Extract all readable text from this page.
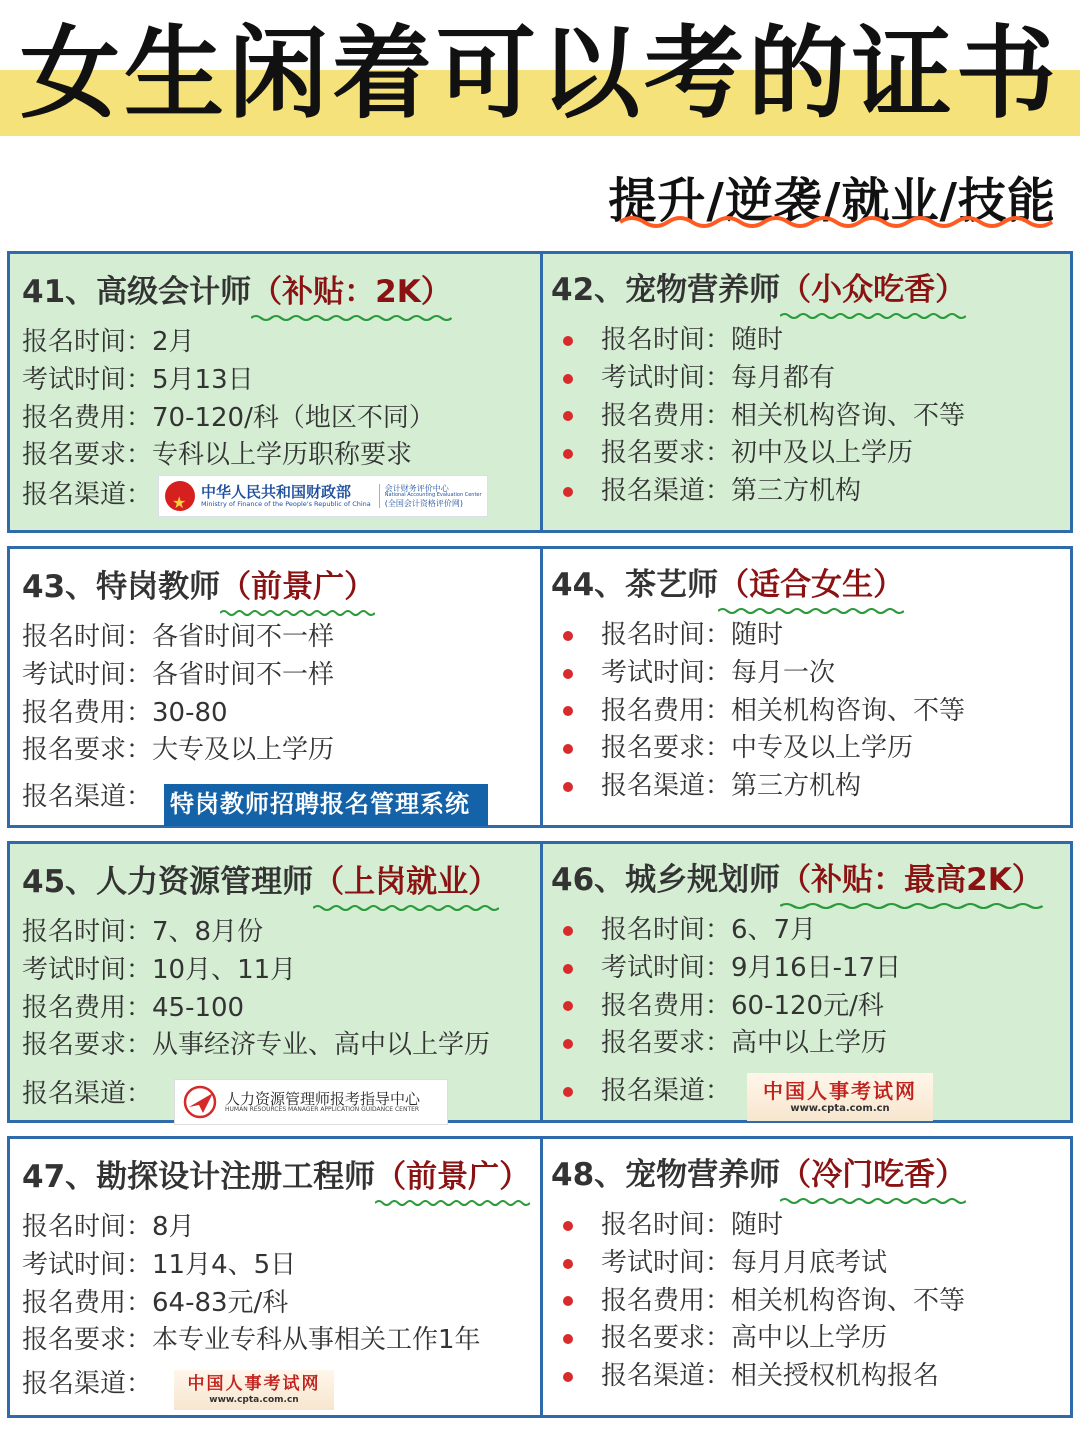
女生闲着可以考的证书
提升/逆袭/就业/技能
41、高级会计师（补贴：2K）
报名时间：2月
考试时间：5月13日
报名费用：70-120/科（地区不同）
报名要求：专科以上学历职称要求
报名渠道：
★	中华人民共和国财政部
Ministry of Finance of the People's Republic of China
会计财务评价中心
National Accounting Evaluation Center
(全国会计资格评价网)
42、宠物营养师（小众吃香）
报名时间：随时
考试时间：每月都有
报名费用：相关机构咨询、不等
报名要求：初中及以上学历
报名渠道：第三方机构
43、特岗教师（前景广）
报名时间：各省时间不一样
考试时间：各省时间不一样
报名费用：30-80
报名要求：大专及以上学历
报名渠道： 特岗教师招聘报名管理系统
44、茶艺师（适合女生）
报名时间：随时
考试时间：每月一次
报名费用：相关机构咨询、不等
报名要求：中专及以上学历
报名渠道：第三方机构
45、人力资源管理师（上岗就业）
报名时间：7、8月份
考试时间：10月、11月
报名费用：45-100
报名要求：从事经济专业、高中以上学历
报名渠道：	人力资源管理师报考指导中心
HUMAN RESOURCES MANAGER APPLICATION GUIDANCE CENTER
46、城乡规划师（补贴：最高2K）
报名时间：6、7月
考试时间：9月16日-17日
报名费用：60-120元/科
报名要求：高中以上学历
报名渠道： 中国人事考试网
www.cpta.com.cn
47、勘探设计注册工程师（前景广）
报名时间：8月
考试时间：11月4、5日
报名费用：64-83元/科
报名要求：本专业专科从事相关工作1年
报名渠道： 中国人事考试网
www.cpta.com.cn
48、宠物营养师（冷门吃香）
报名时间：随时
考试时间：每月月底考试
报名费用：相关机构咨询、不等
报名要求：高中以上学历
报名渠道：相关授权机构报名
